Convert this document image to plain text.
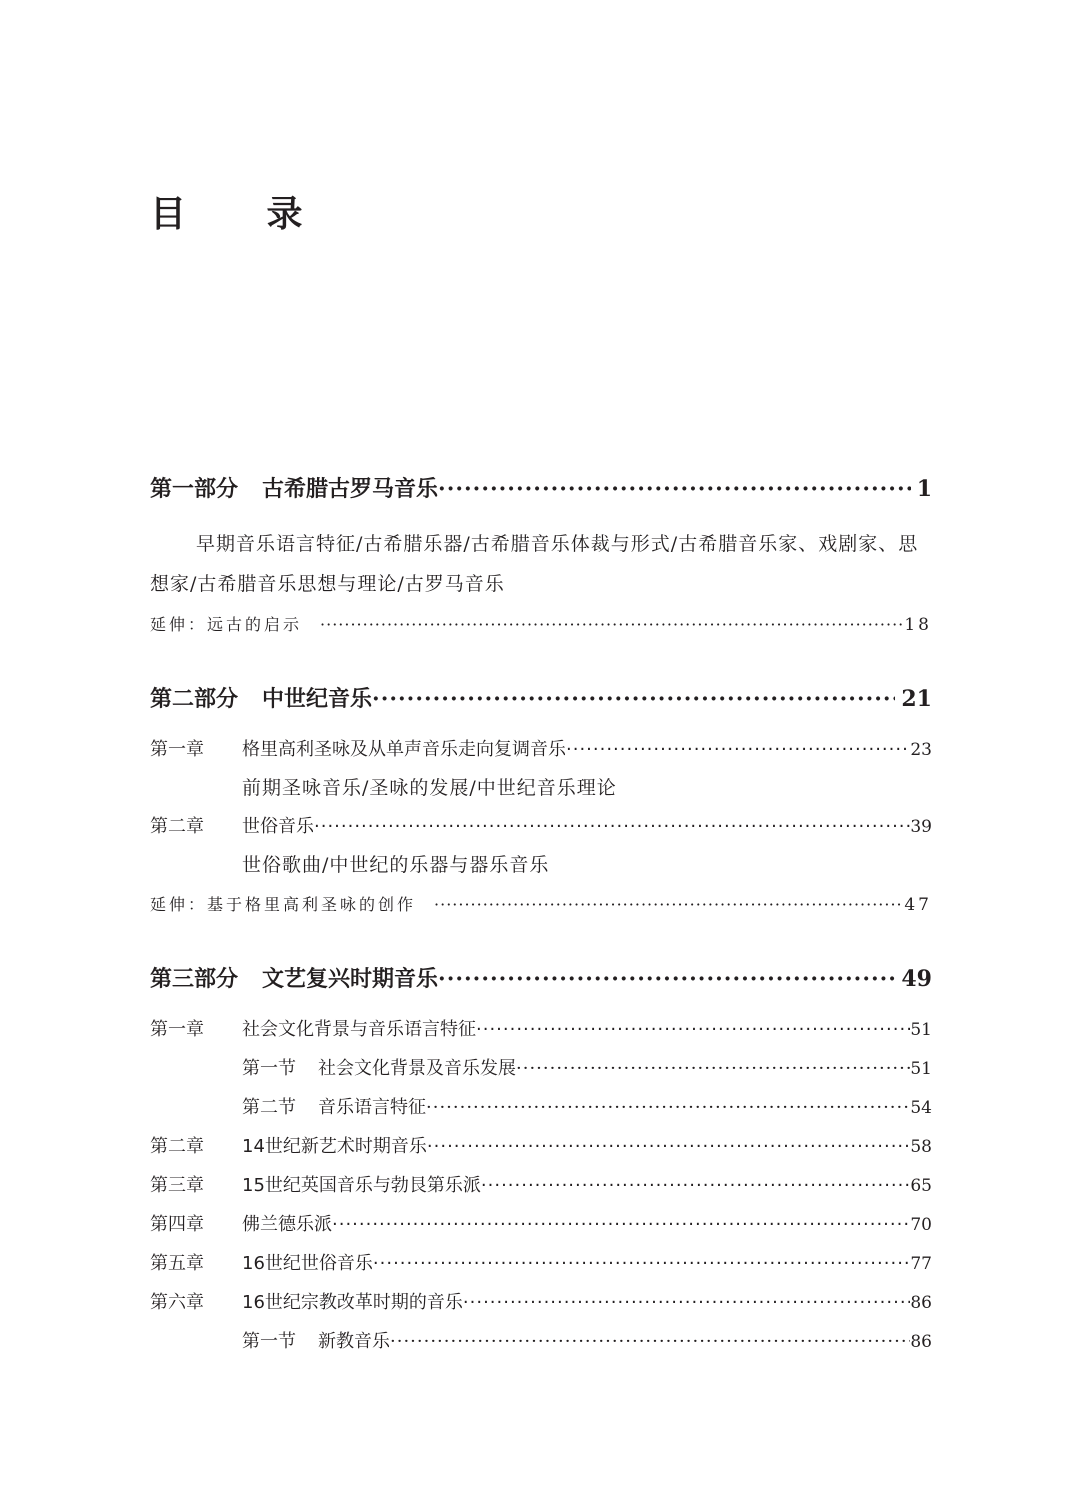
目 录
第一部分 古希腊古罗马音乐 ·····	1
早期音乐语言特征/古希腊乐器/古希腊音乐体裁与形式/古希腊音乐家、戏剧家、思想家/古希腊音乐思想与理论/古罗马音乐
延伸：远古的启示 ·····	18
第二部分 中世纪音乐 ·····	21
第一章	格里高利圣咏及从单声音乐走向复调音乐 ·····	23
前期圣咏音乐/圣咏的发展/中世纪音乐理论
第二章	世俗音乐 ·····	39
世俗歌曲/中世纪的乐器与器乐音乐
延伸：基于格里高利圣咏的创作 ·····	47
第三部分 文艺复兴时期音乐 ·····	49
第一章	社会文化背景与音乐语言特征 ·····	51
第一节 社会文化背景及音乐发展 ·····	51
第二节 音乐语言特征 ·····	54
第二章	14世纪新艺术时期音乐 ·····	58
第三章	15世纪英国音乐与勃艮第乐派 ·····	65
第四章	佛兰德乐派 ·····	70
第五章	16世纪世俗音乐 ·····	77
第六章	16世纪宗教改革时期的音乐 ·····	86
第一节 新教音乐 ·····	86
